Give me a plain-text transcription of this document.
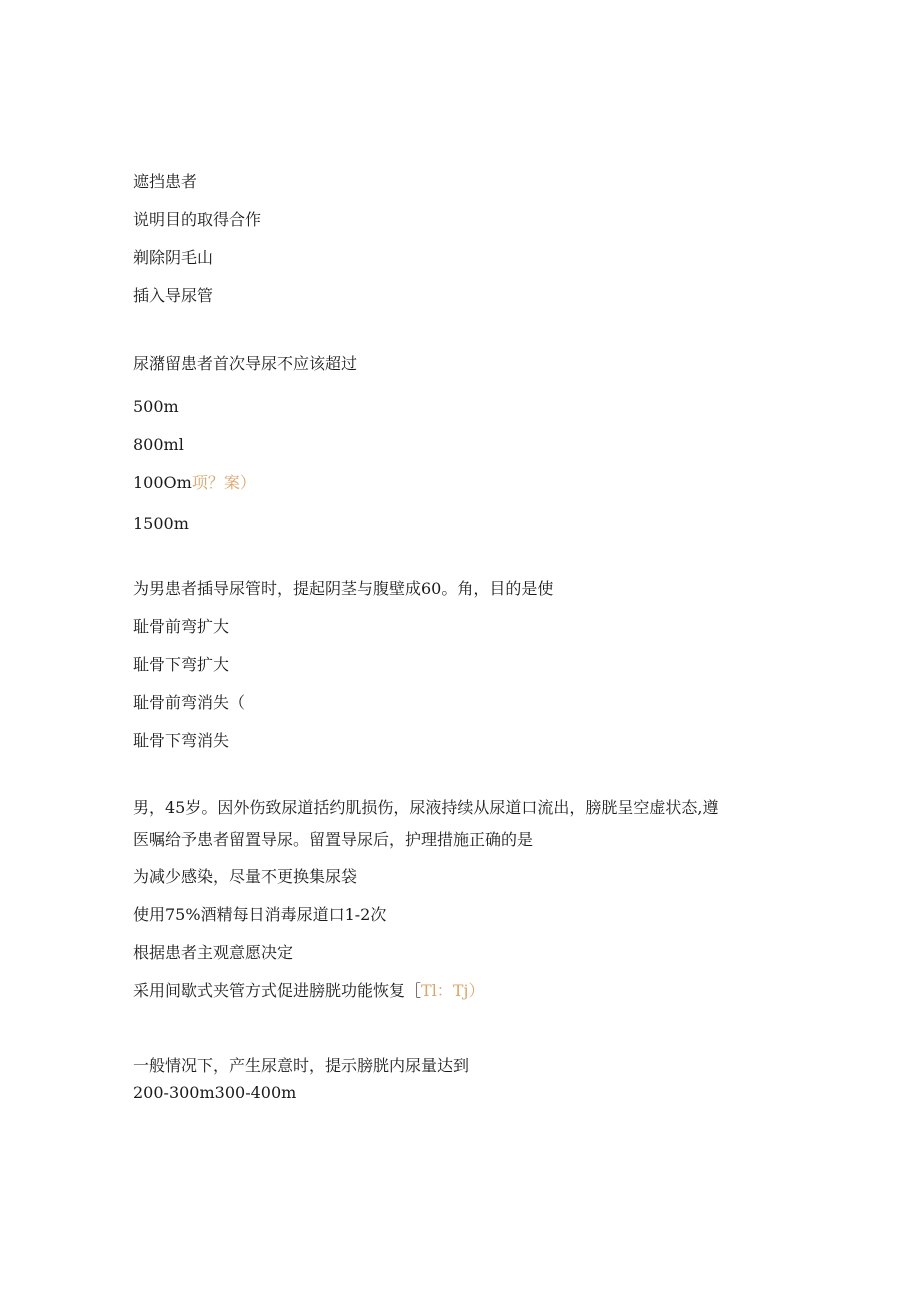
遮挡患者
说明目的取得合作
剃除阴毛山
插入导尿管
尿潴留患者首次导尿不应该超过
500m
800ml
100Om项？案）
1500m
为男患者插导尿管时，提起阴茎与腹壁成60。角，目的是使
耻骨前弯扩大
耻骨下弯扩大
耻骨前弯消失（
耻骨下弯消失
男，45岁。因外伤致尿道括约肌损伤，尿液持续从尿道口流出，膀胱呈空虚状态,遵
医嘱给予患者留置导尿。留置导尿后，护理措施正确的是
为减少感染，尽量不更换集尿袋
使用75%酒精每日消毒尿道口1-2次
根据患者主观意愿决定
采用间歇式夹管方式促进膀胱功能恢复［Tl：Tj）
一般情况下，产生尿意时，提示膀胱内尿量达到
200-300m300-400m
